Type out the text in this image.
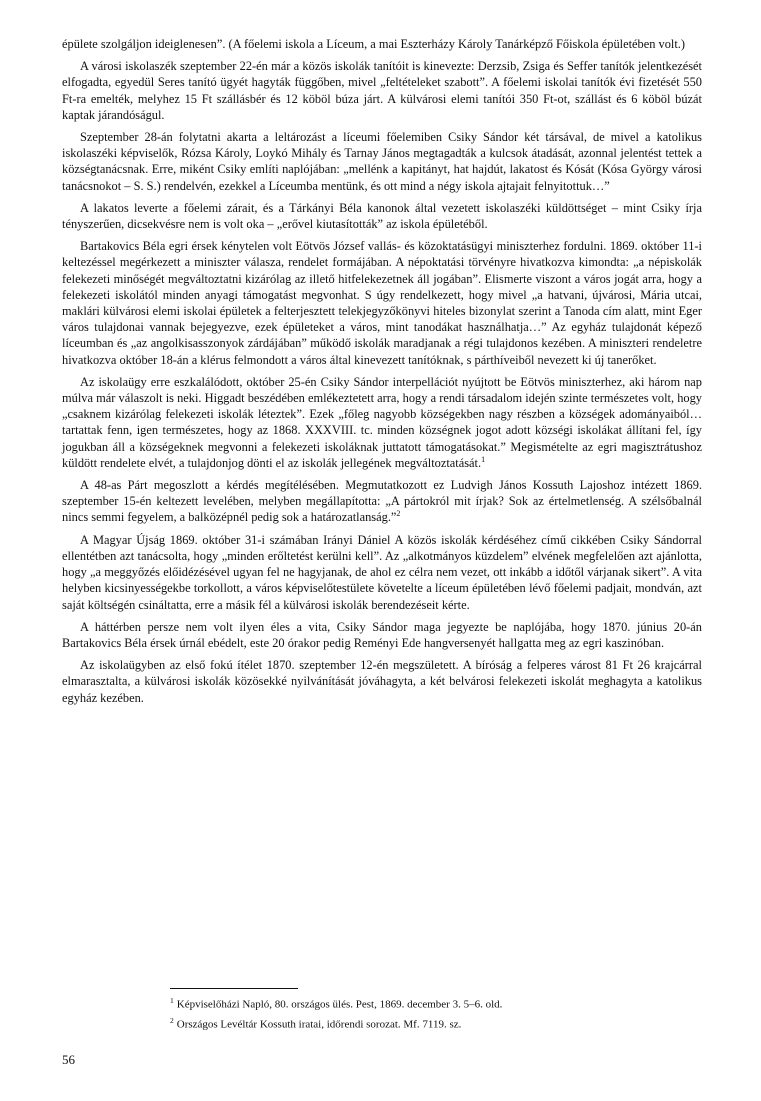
épülete szolgáljon ideiglenesen”. (A főelemi iskola a Líceum, a mai Eszterházy Károly Tanárképző Főiskola épületében volt.)

A városi iskolaszék szeptember 22-én már a közös iskolák tanítóit is kinevezte: Derzsib, Zsiga és Seffer tanítók jelentkezését elfogadta, egyedül Seres tanító ügyét hagyták függőben, mivel „feltételeket szabott”. A főelemi iskolai tanítók évi fizetését 550 Ft-ra emelték, melyhez 15 Ft szállásbér és 12 köböl búza járt. A külvárosi elemi tanítói 350 Ft-ot, szállást és 6 köböl búzát kaptak járandóságul.

Szeptember 28-án folytatni akarta a leltározást a líceumi főelemiben Csiky Sándor két társával, de mivel a katolikus iskolaszéki képviselők, Rózsa Károly, Loykó Mihály és Tarnay János megtagadták a kulcsok átadását, azonnal jelentést tettek a községtanácsnak. Erre, miként Csiky említi naplójában: „mellénk a kapitányt, hat hajdút, lakatost és Kósát (Kósa György városi tanácsnokot – S. S.) rendelvén, ezekkel a Líceumba mentünk, és ott mind a négy iskola ajtajait felnyitottuk…”

A lakatos leverte a főelemi zárait, és a Tárkányi Béla kanonok által vezetett iskolaszéki küldöttséget – mint Csiky írja tényszerűen, dicsekvésre nem is volt oka – „erővel kiutasították” az iskola épületéből.

Bartakovics Béla egri érsek kénytelen volt Eötvös József vallás- és közoktatásügyi miniszterhez fordulni. 1869. október 11-i keltezéssel megérkezett a miniszter válasza, rendelet formájában. A népoktatási törvényre hivatkozva kimondta: „a népiskolák felekezeti minőségét megváltoztatni kizárólag az illető hitfelekezetnek áll jogában”. Elismerte viszont a város jogát arra, hogy a felekezeti iskolától minden anyagi támogatást megvonhat. S úgy rendelkezett, hogy mivel „a hatvani, újvárosi, Mária utcai, maklári külvárosi elemi iskolai épületek a felterjesztett telekjegyzőkönyvi hiteles bizonylat szerint a Tanoda cím alatt, mint Eger város tulajdonai vannak bejegyezve, ezek épületeket a város, mint tanodákat használhatja…” Az egyház tulajdonát képező líceumban és „az angolkisasszonyok zárdájában” működő iskolák maradjanak a régi tulajdonos kezében. A miniszteri rendeletre hivatkozva október 18-án a klérus felmondott a város által kinevezett tanítóknak, s párthíveiből nevezett ki új tanerőket.

Az iskolaügy erre eszkalálódott, október 25-én Csiky Sándor interpellációt nyújtott be Eötvös miniszterhez, aki három nap múlva már válaszolt is neki. Higgadt beszédében emlékeztetett arra, hogy a rendi társadalom idején szinte természetes volt, hogy „csaknem kizárólag felekezeti iskolák léteztek”. Ezek „főleg nagyobb községekben nagy részben a községek adományaiból… tartattak fenn, igen természetes, hogy az 1868. XXXVIII. tc. minden községnek jogot adott községi iskolákat állítani fel, így jogukban áll a községeknek megvonni a felekezeti iskoláknak juttatott támogatásokat.” Megismételte az egri magisztrátushoz küldött rendelete elvét, a tulajdonjog dönti el az iskolák jellegének megváltoztatását.$^1$

A 48-as Párt megoszlott a kérdés megítélésében. Megmutatkozott ez Ludvigh János Kossuth Lajoshoz intézett 1869. szeptember 15-én keltezett levelében, melyben megállapította: „A pártokról mit írjak? Sok az értelmetlenség. A szélsőbalnál nincs semmi fegyelem, a balközépnél pedig sok a határozatlanság.”$^2$

A Magyar Újság 1869. október 31-i számában Irányi Dániel A közös iskolák kérdéséhez című cikkében Csiky Sándorral ellentétben azt tanácsolta, hogy „minden erőltetést kerülni kell”. Az „alkotmányos küzdelem” elvének megfelelően azt ajánlotta, hogy „a meggyőzés előidézésével ugyan fel ne hagyjanak, de ahol ez célra nem vezet, ott inkább a időtől várjanak sikert”. A vita helyben kicsinyességekbe torkollott, a város képviselőtestülete követelte a líceum épületében lévő főelemi padjait, mondván, azt saját költségén csináltatta, erre a másik fél a külvárosi iskolák berendezéseit kérte.

A háttérben persze nem volt ilyen éles a vita, Csiky Sándor maga jegyezte be naplójába, hogy 1870. június 20-án Bartakovics Béla érsek úrnál ebédelt, este 20 órakor pedig Reményi Ede hangversenyét hallgatta meg az egri kaszinóban.

Az iskolaügyben az első fokú ítélet 1870. szeptember 12-én megszületett. A bíróság a felperes várost 81 Ft 26 krajcárral elmarasztalta, a külvárosi iskolák közösekké nyilvánítását jóváhagyta, a két belvárosi felekezeti iskolát meghagyta a katolikus egyház kezében.

$^1$ Képviselőházi Napló, 80. országos ülés. Pest, 1869. december 3. 5–6. old.

$^2$ Országos Levéltár Kossuth iratai, időrendi sorozat. Mf. 7119. sz.

56
